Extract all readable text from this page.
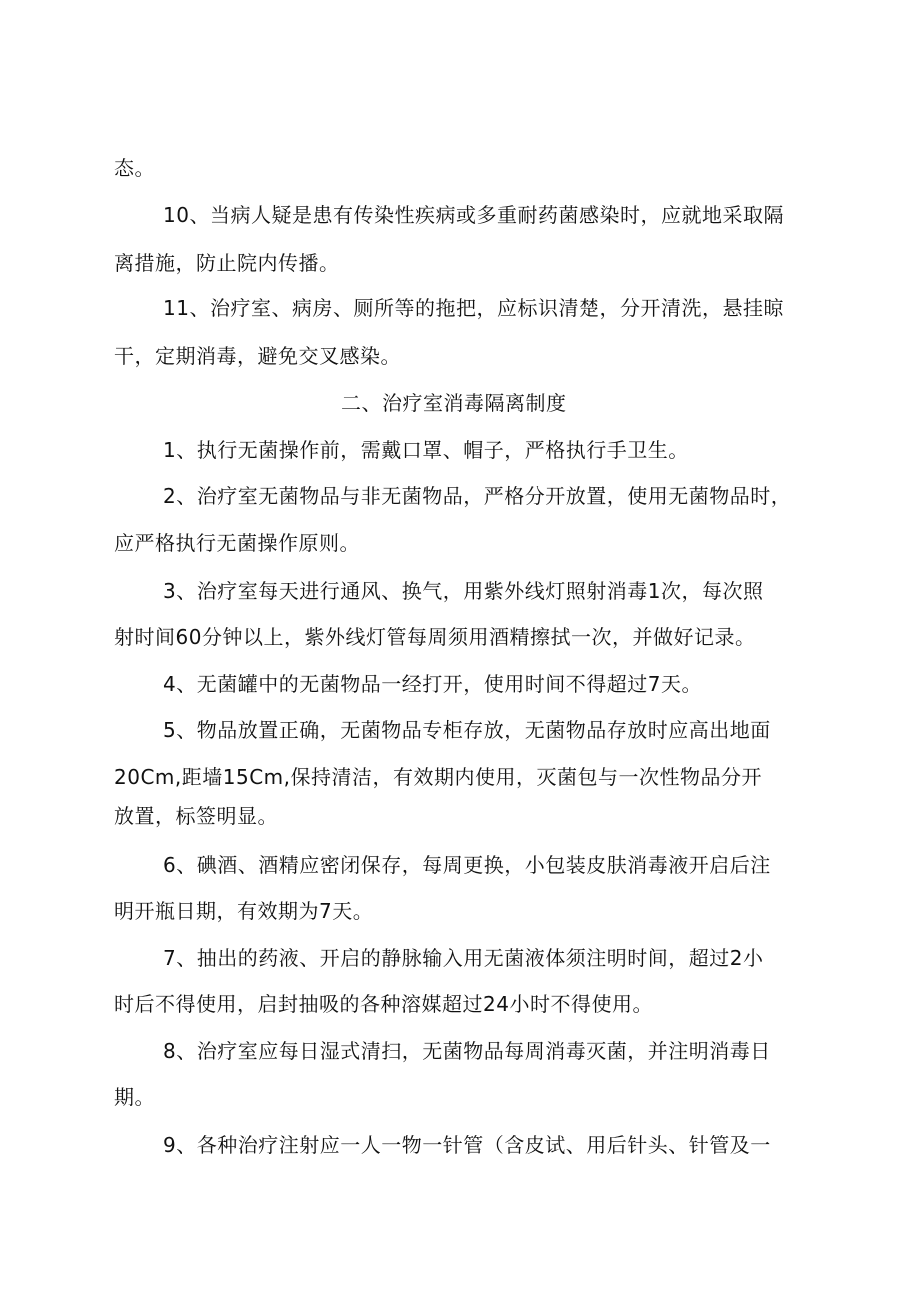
态。
10、当病人疑是患有传染性疾病或多重耐药菌感染时，应就地采取隔
离措施，防止院内传播。
11、治疗室、病房、厕所等的拖把，应标识清楚，分开清洗，悬挂晾
干，定期消毒，避免交叉感染。
二、治疗室消毒隔离制度
1、执行无菌操作前，需戴口罩、帽子，严格执行手卫生。
2、治疗室无菌物品与非无菌物品，严格分开放置，使用无菌物品时，
应严格执行无菌操作原则。
3、治疗室每天进行通风、换气，用紫外线灯照射消毒1次，每次照
射时间60分钟以上，紫外线灯管每周须用酒精擦拭一次，并做好记录。
4、无菌罐中的无菌物品一经打开，使用时间不得超过7天。
5、物品放置正确，无菌物品专柜存放，无菌物品存放时应高出地面
20Cm,距墙15Cm,保持清洁，有效期内使用，灭菌包与一次性物品分开
放置，标签明显。
6、碘酒、酒精应密闭保存，每周更换，小包装皮肤消毒液开启后注
明开瓶日期，有效期为7天。
7、抽出的药液、开启的静脉输入用无菌液体须注明时间，超过2小
时后不得使用，启封抽吸的各种溶媒超过24小时不得使用。
8、治疗室应每日湿式清扫，无菌物品每周消毒灭菌，并注明消毒日
期。
9、各种治疗注射应一人一物一针管（含皮试、用后针头、针管及一
